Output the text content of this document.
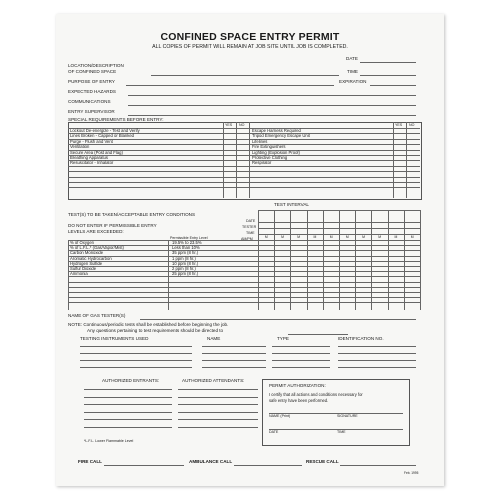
CONFINED SPACE ENTRY PERMIT
ALL COPIES OF PERMIT WILL REMAIN AT JOB SITE UNTIL JOB IS COMPLETED.
DATE
LOCATION/DESCRIPTION
OF CONFINED SPACE	TIME
PURPOSE OF ENTRY	EXPIRATION
EXPECTED HAZARDS
COMMUNICATIONS
ENTRY SUPERVISOR
SPECIAL REQUIREMENTS BEFORE ENTRY:
YES NO	YES NO
Lockout De-energize - Test and Verify	Escape Harness Required
Lines Broken - Capped or Blanked	Tripod Emergency Escape Unit
Purge - Flush and Vent	Lifelines
Ventilation	Fire Extinguishers
Secure Area (Post and Flag)	Lighting (Explosion Proof)
Breathing Apparatus	Protective Clothing
Resuscitator - Inhalator	Respirator
TEST INTERVAL
TEST(S) TO BE TAKEN/ACCEPTABLE ENTRY CONDITIONS
DO NOT ENTER IF PERMISSIBLE ENTRY
LEVELS ARE EXCEEDED:
Permissible Entry Level
DATE
TESTER
TIME
AM/PM
M	M	M	M	M	M	M	M	M	M
% of Oxygen	19.5% to 23.5%
% of L.F.L.* (Gas/Vapor/Mist)	Less than 10%
Carbon Monoxide	35 ppm (8 hr.)
Aromatic Hydrocarbon	1 ppm (8 hr.)
Hydrogen Sulfide	10 ppm (8 hr.)
Sulfur Dioxide	2 ppm (8 hr.)
Ammonia	25 ppm (8 hr.)
NAME OF GAS TESTER(S)
NOTE: Continuous/periodic tests shall be established before beginning the job.
Any questions pertaining to test requirements should be directed to
TESTING INSTRUMENTS USED	NAME	TYPE	IDENTIFICATION NO.
AUTHORIZED ENTRANTS:	AUTHORIZED ATTENDANTS:
PERMIT AUTHORIZATION:
I certify that all actions and conditions necessary for
safe entry have been performed.
NAME (Print)	SIGNATURE
DATE	TIME
*L.F.L. Lower Flammable Level
FIRE CALL	AMBULANCE CALL	RESCUE CALL
Feb. 1995
